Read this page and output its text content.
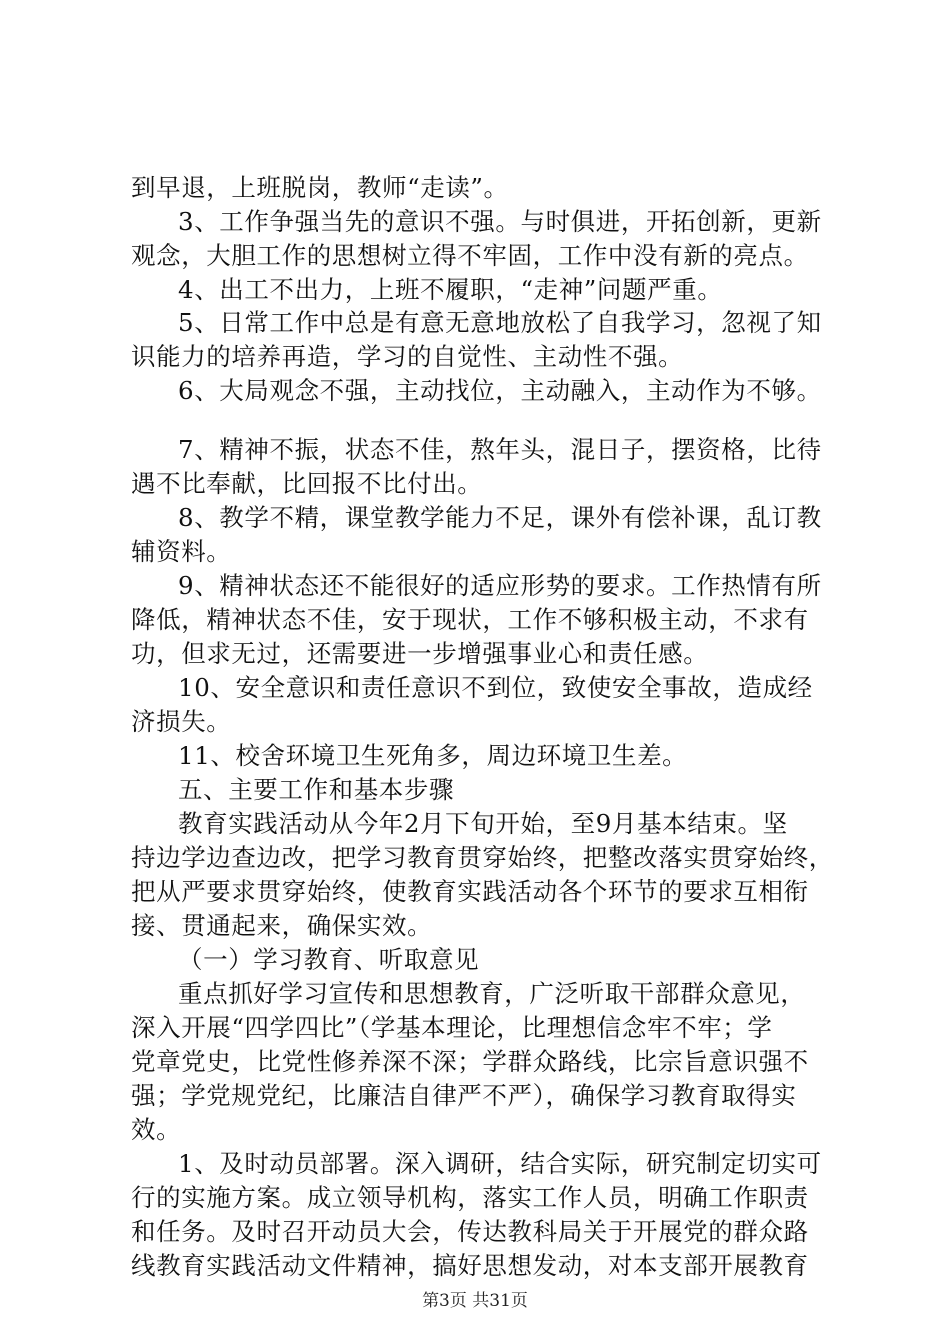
到早退，上班脱岗，教师“走读”。
3、工作争强当先的意识不强。与时俱进，开拓创新，更新
观念，大胆工作的思想树立得不牢固，工作中没有新的亮点。
4、出工不出力，上班不履职，“走神”问题严重。
5、日常工作中总是有意无意地放松了自我学习，忽视了知
识能力的培养再造，学习的自觉性、主动性不强。
6、大局观念不强，主动找位，主动融入，主动作为不够。
7、精神不振，状态不佳，熬年头，混日子，摆资格，比待
遇不比奉献，比回报不比付出。
8、教学不精，课堂教学能力不足，课外有偿补课，乱订教
辅资料。
9、精神状态还不能很好的适应形势的要求。工作热情有所
降低，精神状态不佳，安于现状，工作不够积极主动，不求有
功，但求无过，还需要进一步增强事业心和责任感。
10、安全意识和责任意识不到位，致使安全事故，造成经
济损失。
11、校舍环境卫生死角多，周边环境卫生差。
五、主要工作和基本步骤
教育实践活动从今年2月下旬开始，至9月基本结束。坚
持边学边查边改，把学习教育贯穿始终，把整改落实贯穿始终，
把从严要求贯穿始终，使教育实践活动各个环节的要求互相衔
接、贯通起来，确保实效。
（一）学习教育、听取意见
重点抓好学习宣传和思想教育，广泛听取干部群众意见，
深入开展“四学四比”（学基本理论，比理想信念牢不牢；学
党章党史，比党性修养深不深；学群众路线，比宗旨意识强不
强；学党规党纪，比廉洁自律严不严），确保学习教育取得实
效。
1、及时动员部署。深入调研，结合实际，研究制定切实可
行的实施方案。成立领导机构，落实工作人员，明确工作职责
和任务。及时召开动员大会，传达教科局关于开展党的群众路
线教育实践活动文件精神，搞好思想发动，对本支部开展教育
第3页 共31页
